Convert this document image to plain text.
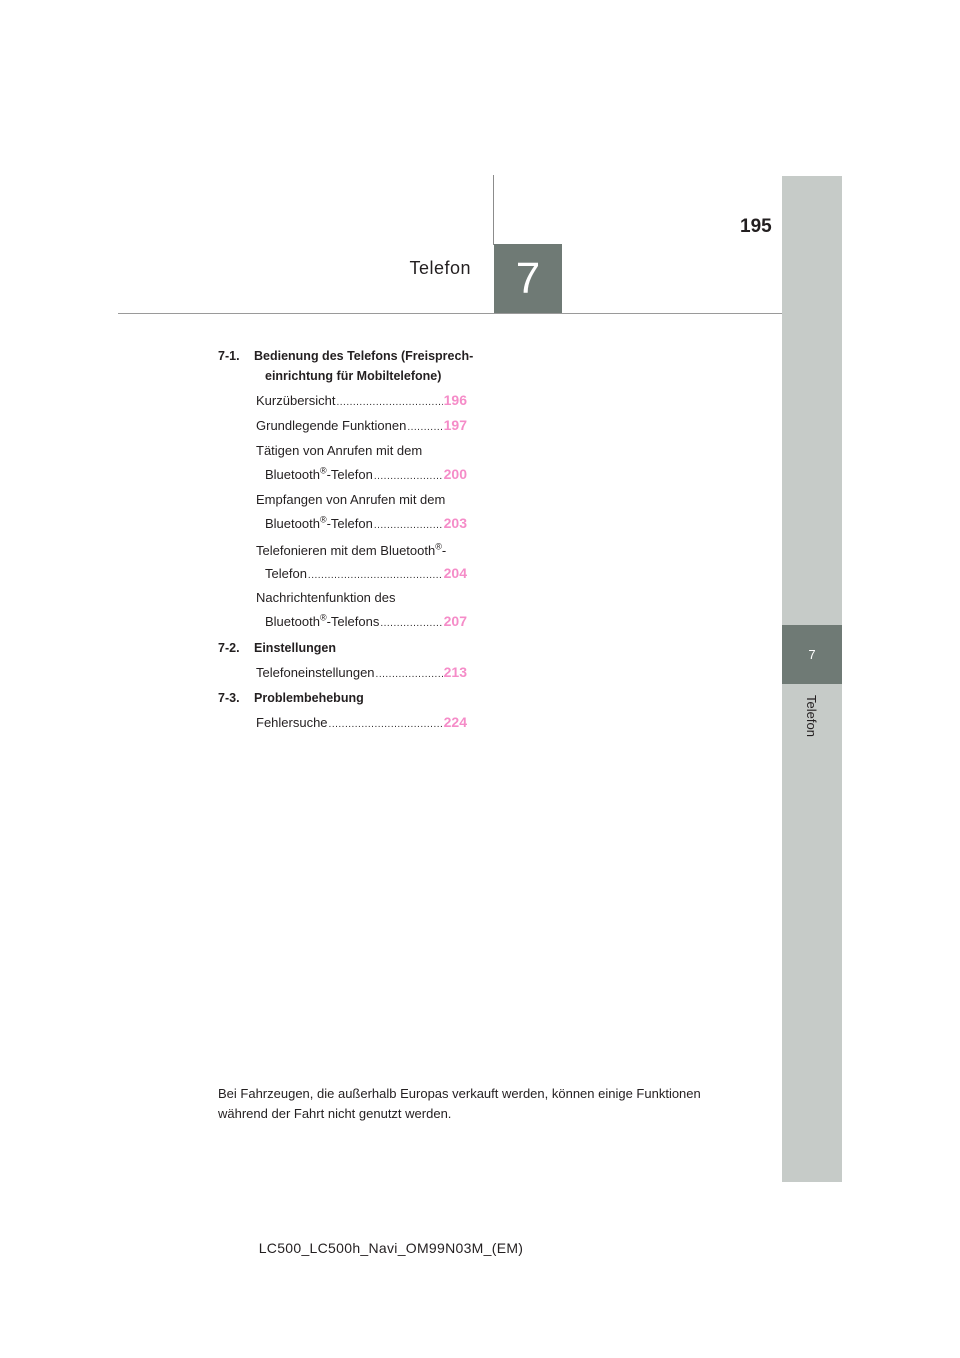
195
Telefon	7
7
Telefon
7-1. Bedienung des Telefons (Freisprech-
einrichtung für Mobiltelefone)
Kurzübersicht .....	196
Grundlegende Funktionen .....	197
Tätigen von Anrufen mit dem
Bluetooth®-Telefon .....	200
Empfangen von Anrufen mit dem
Bluetooth®-Telefon .....	203
Telefonieren mit dem Bluetooth®-
Telefon .....	204
Nachrichtenfunktion des
Bluetooth®-Telefons .....	207
7-2. Einstellungen
Telefoneinstellungen .....	213
7-3. Problembehebung
Fehlersuche .....	224
Bei Fahrzeugen, die außerhalb Europas verkauft werden, können einige Funktionen während der Fahrt nicht genutzt werden.
LC500_LC500h_Navi_OM99N03M_(EM)
